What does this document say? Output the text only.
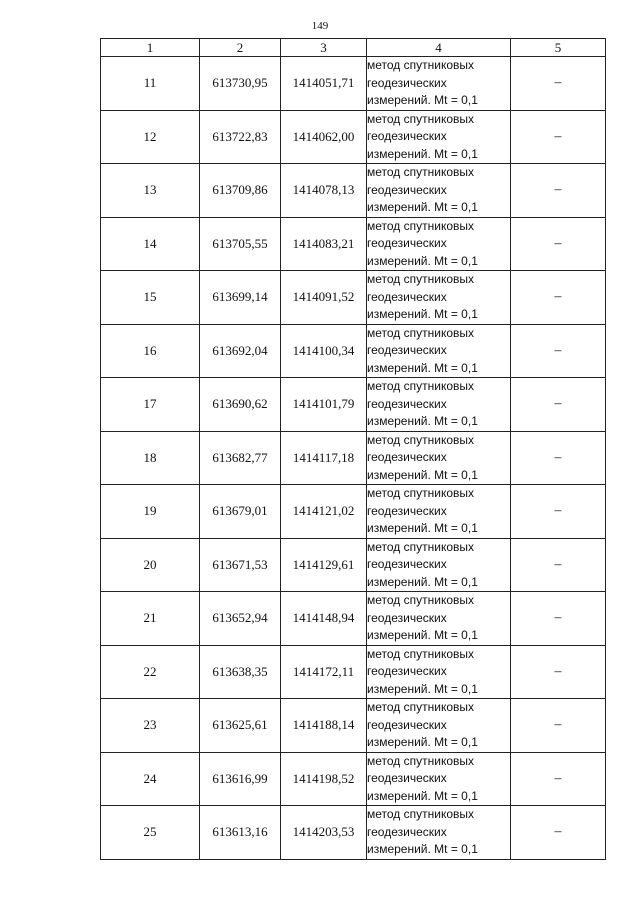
149
1	2	3	4	5
11	613730,95	1414051,71	метод спутниковых
геодезических
измерений. Mt = 0,1	–
12	613722,83	1414062,00	метод спутниковых
геодезических
измерений. Mt = 0,1	–
13	613709,86	1414078,13	метод спутниковых
геодезических
измерений. Mt = 0,1	–
14	613705,55	1414083,21	метод спутниковых
геодезических
измерений. Mt = 0,1	–
15	613699,14	1414091,52	метод спутниковых
геодезических
измерений. Mt = 0,1	–
16	613692,04	1414100,34	метод спутниковых
геодезических
измерений. Mt = 0,1	–
17	613690,62	1414101,79	метод спутниковых
геодезических
измерений. Mt = 0,1	–
18	613682,77	1414117,18	метод спутниковых
геодезических
измерений. Mt = 0,1	–
19	613679,01	1414121,02	метод спутниковых
геодезических
измерений. Mt = 0,1	–
20	613671,53	1414129,61	метод спутниковых
геодезических
измерений. Mt = 0,1	–
21	613652,94	1414148,94	метод спутниковых
геодезических
измерений. Mt = 0,1	–
22	613638,35	1414172,11	метод спутниковых
геодезических
измерений. Mt = 0,1	–
23	613625,61	1414188,14	метод спутниковых
геодезических
измерений. Mt = 0,1	–
24	613616,99	1414198,52	метод спутниковых
геодезических
измерений. Mt = 0,1	–
25	613613,16	1414203,53	метод спутниковых
геодезических
измерений. Mt = 0,1	–
